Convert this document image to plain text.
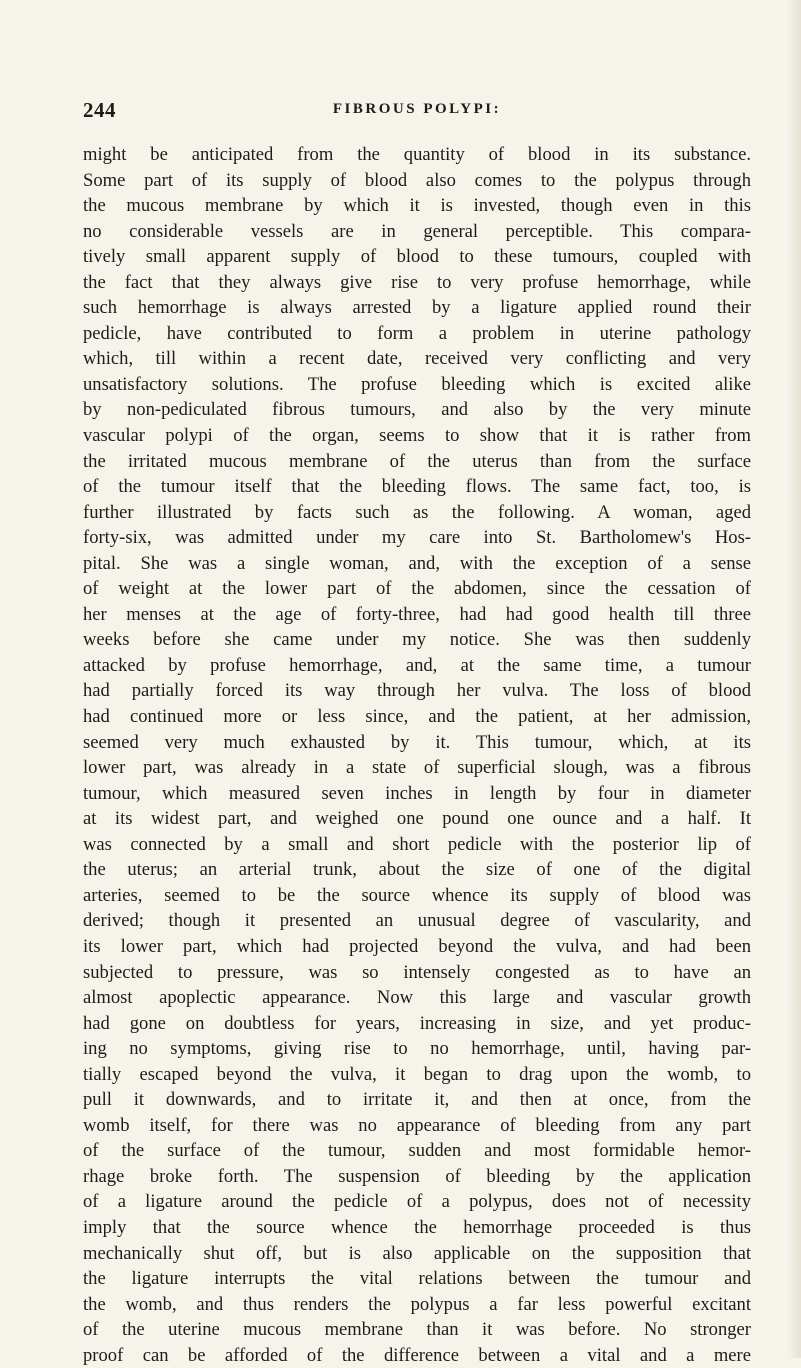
244	FIBROUS POLYPI:
might be anticipated from the quantity of blood in its substance.
Some part of its supply of blood also comes to the polypus through
the mucous membrane by which it is invested, though even in this
no considerable vessels are in general perceptible. This compara-
tively small apparent supply of blood to these tumours, coupled with
the fact that they always give rise to very profuse hemorrhage, while
such hemorrhage is always arrested by a ligature applied round their
pedicle, have contributed to form a problem in uterine pathology
which, till within a recent date, received very conflicting and very
unsatisfactory solutions. The profuse bleeding which is excited alike
by non-pediculated fibrous tumours, and also by the very minute
vascular polypi of the organ, seems to show that it is rather from
the irritated mucous membrane of the uterus than from the surface
of the tumour itself that the bleeding flows. The same fact, too, is
further illustrated by facts such as the following. A woman, aged
forty-six, was admitted under my care into St. Bartholomew's Hos-
pital. She was a single woman, and, with the exception of a sense
of weight at the lower part of the abdomen, since the cessation of
her menses at the age of forty-three, had had good health till three
weeks before she came under my notice. She was then suddenly
attacked by profuse hemorrhage, and, at the same time, a tumour
had partially forced its way through her vulva. The loss of blood
had continued more or less since, and the patient, at her admission,
seemed very much exhausted by it. This tumour, which, at its
lower part, was already in a state of superficial slough, was a fibrous
tumour, which measured seven inches in length by four in diameter
at its widest part, and weighed one pound one ounce and a half. It
was connected by a small and short pedicle with the posterior lip of
the uterus; an arterial trunk, about the size of one of the digital
arteries, seemed to be the source whence its supply of blood was
derived; though it presented an unusual degree of vascularity, and
its lower part, which had projected beyond the vulva, and had been
subjected to pressure, was so intensely congested as to have an
almost apoplectic appearance. Now this large and vascular growth
had gone on doubtless for years, increasing in size, and yet produc-
ing no symptoms, giving rise to no hemorrhage, until, having par-
tially escaped beyond the vulva, it began to drag upon the womb, to
pull it downwards, and to irritate it, and then at once, from the
womb itself, for there was no appearance of bleeding from any part
of the surface of the tumour, sudden and most formidable hemor-
rhage broke forth. The suspension of bleeding by the application
of a ligature around the pedicle of a polypus, does not of necessity
imply that the source whence the hemorrhage proceeded is thus
mechanically shut off, but is also applicable on the supposition that
the ligature interrupts the vital relations between the tumour and
the womb, and thus renders the polypus a far less powerful excitant
of the uterine mucous membrane than it was before. No stronger
proof can be afforded of the difference between a vital and a mere
